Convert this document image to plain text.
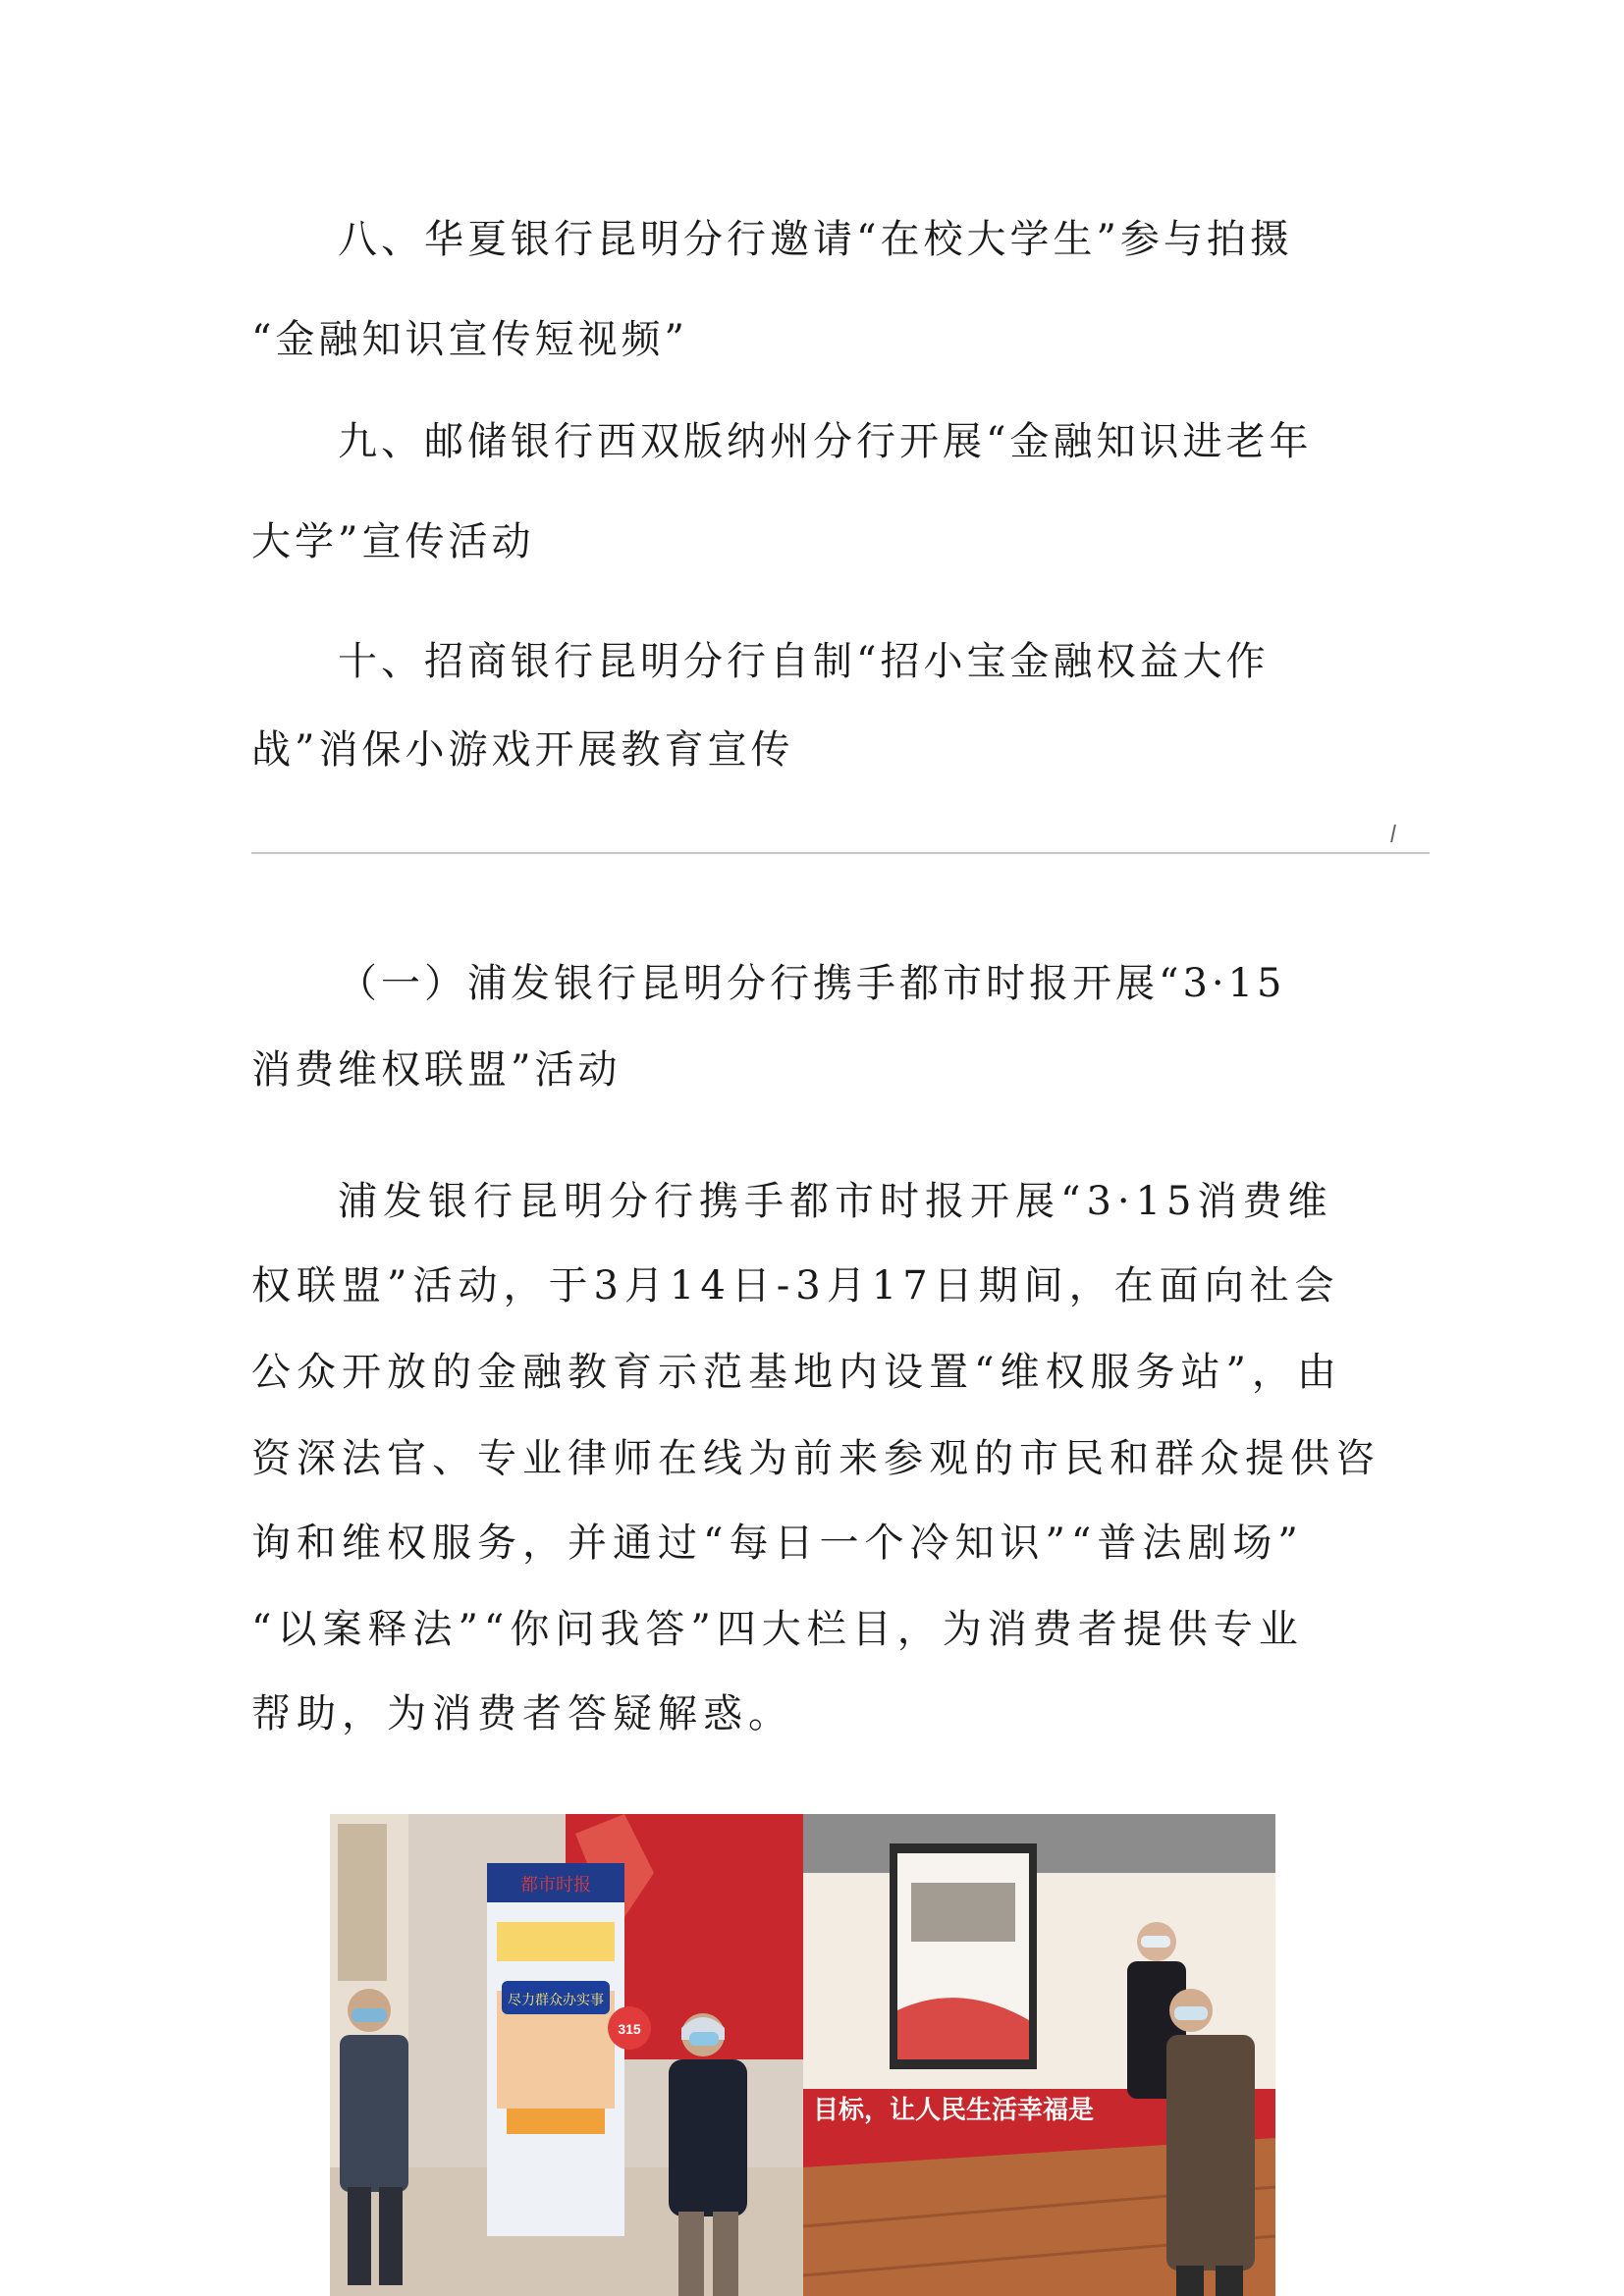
八、华夏银行昆明分行邀请“在校大学生”参与拍摄
“金融知识宣传短视频”
九、邮储银行西双版纳州分行开展“金融知识进老年
大学”宣传活动
十、招商银行昆明分行自制“招小宝金融权益大作
战”消保小游戏开展教育宣传
（一）浦发银行昆明分行携手都市时报开展“3·15
消费维权联盟”活动
浦发银行昆明分行携手都市时报开展“3·15消费维
权联盟”活动，于3月14日-3月17日期间，在面向社会
公众开放的金融教育示范基地内设置“维权服务站”，由
资深法官、专业律师在线为前来参观的市民和群众提供咨
询和维权服务，并通过“每日一个冷知识”“普法剧场”
“以案释法”“你问我答”四大栏目，为消费者提供专业
帮助，为消费者答疑解惑。
都市时报
尽力群众办实事
315
目标，让人民生活幸福是
